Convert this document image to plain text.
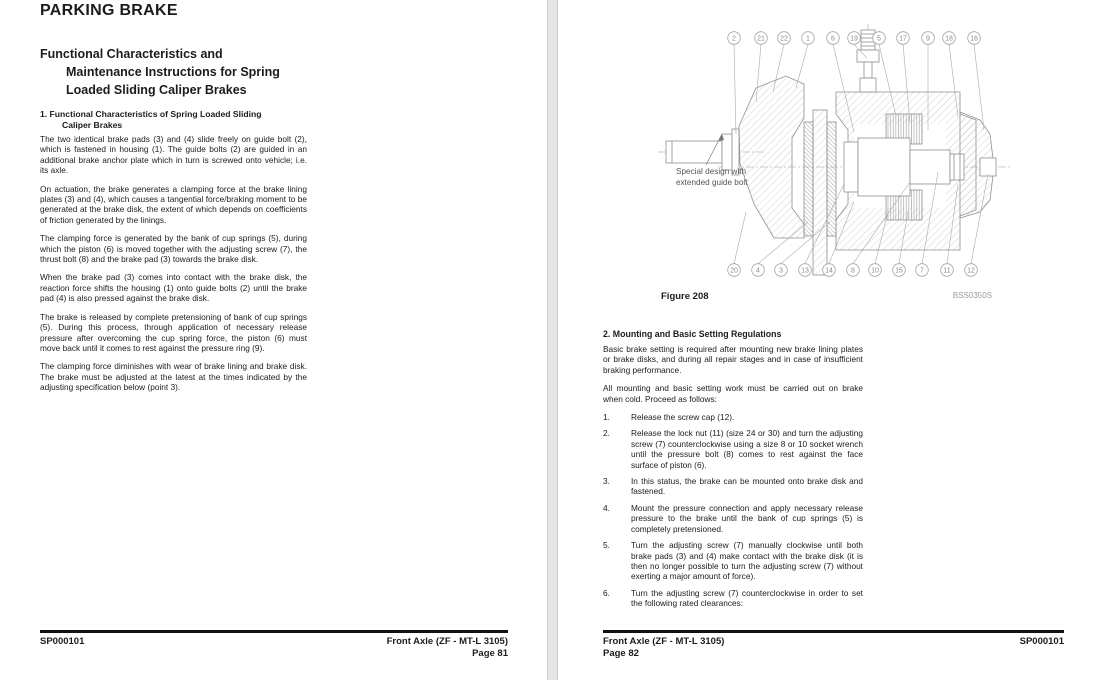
PARKING BRAKE
Functional Characteristics and
Maintenance Instructions for Spring
Loaded Sliding Caliper Brakes
1. Functional Characteristics of Spring Loaded Sliding
Caliper Brakes

The two identical brake pads (3) and (4) slide freely on guide bolt (2), which is fastened in housing (1). The guide bolts (2) are guided in an additional brake anchor plate which in turn is screwed onto vehicle; i.e. its axle.

On actuation, the brake generates a clamping force at the brake lining plates (3) and (4), which causes a tangential force/braking moment to be generated at the brake disk, the extent of which depends on coefficients of friction generated by the linings.

The clamping force is generated by the bank of cup springs (5), during which the piston (6) is moved together with the adjusting screw (7), the thrust bolt (8) and the brake pad (3) towards the brake disk.

When the brake pad (3) comes into contact with the brake disk, the reaction force shifts the housing (1) onto guide bolts (2) until the brake pad (4) is also pressed against the brake disk.

The brake is released by complete pretensioning of bank of cup springs (5). During this process, through application of necessary release pressure after overcoming the cup spring force, the piston (6) must move back until it comes to rest against the pressure ring (9).

The clamping force diminishes with wear of brake lining and brake disk. The brake must be adjusted at the latest at the times indicated by the adjusting specification below (point 3).

SP000101	Front Axle (ZF - MT-L 3105)
Page 81
2	21 22	1	6 19	5	17	9 18 16
20	4	3	13 14	8 10 15 7	11 12
Special design with
extended guide bolt
BSS0350S
Figure 208
2. Mounting and Basic Setting Regulations

Basic brake setting is required after mounting new brake lining plates or brake disks, and during all repair stages and in case of insufficient braking performance.

All mounting and basic setting work must be carried out on brake when cold. Proceed as follows:

1.	Release the screw cap (12).
2.	Release the lock nut (11) (size 24 or 30) and turn the adjusting screw (7) counterclockwise using a size 8 or 10 socket wrench until the pressure bolt (8) comes to rest against the face surface of piston (6).
3.	In this status, the brake can be mounted onto brake disk and fastened.
4.	Mount the pressure connection and apply necessary release pressure to the brake until the bank of cup springs (5) is completely pretensioned.
5.	Turn the adjusting screw (7) manually clockwise until both brake pads (3) and (4) make contact with the brake disk (it is then no longer possible to turn the adjusting screw (7) without exerting a major amount of force).
6.	Turn the adjusting screw (7) counterclockwise in order to set the following rated clearances:
Front Axle (ZF - MT-L 3105)
Page 82
SP000101
